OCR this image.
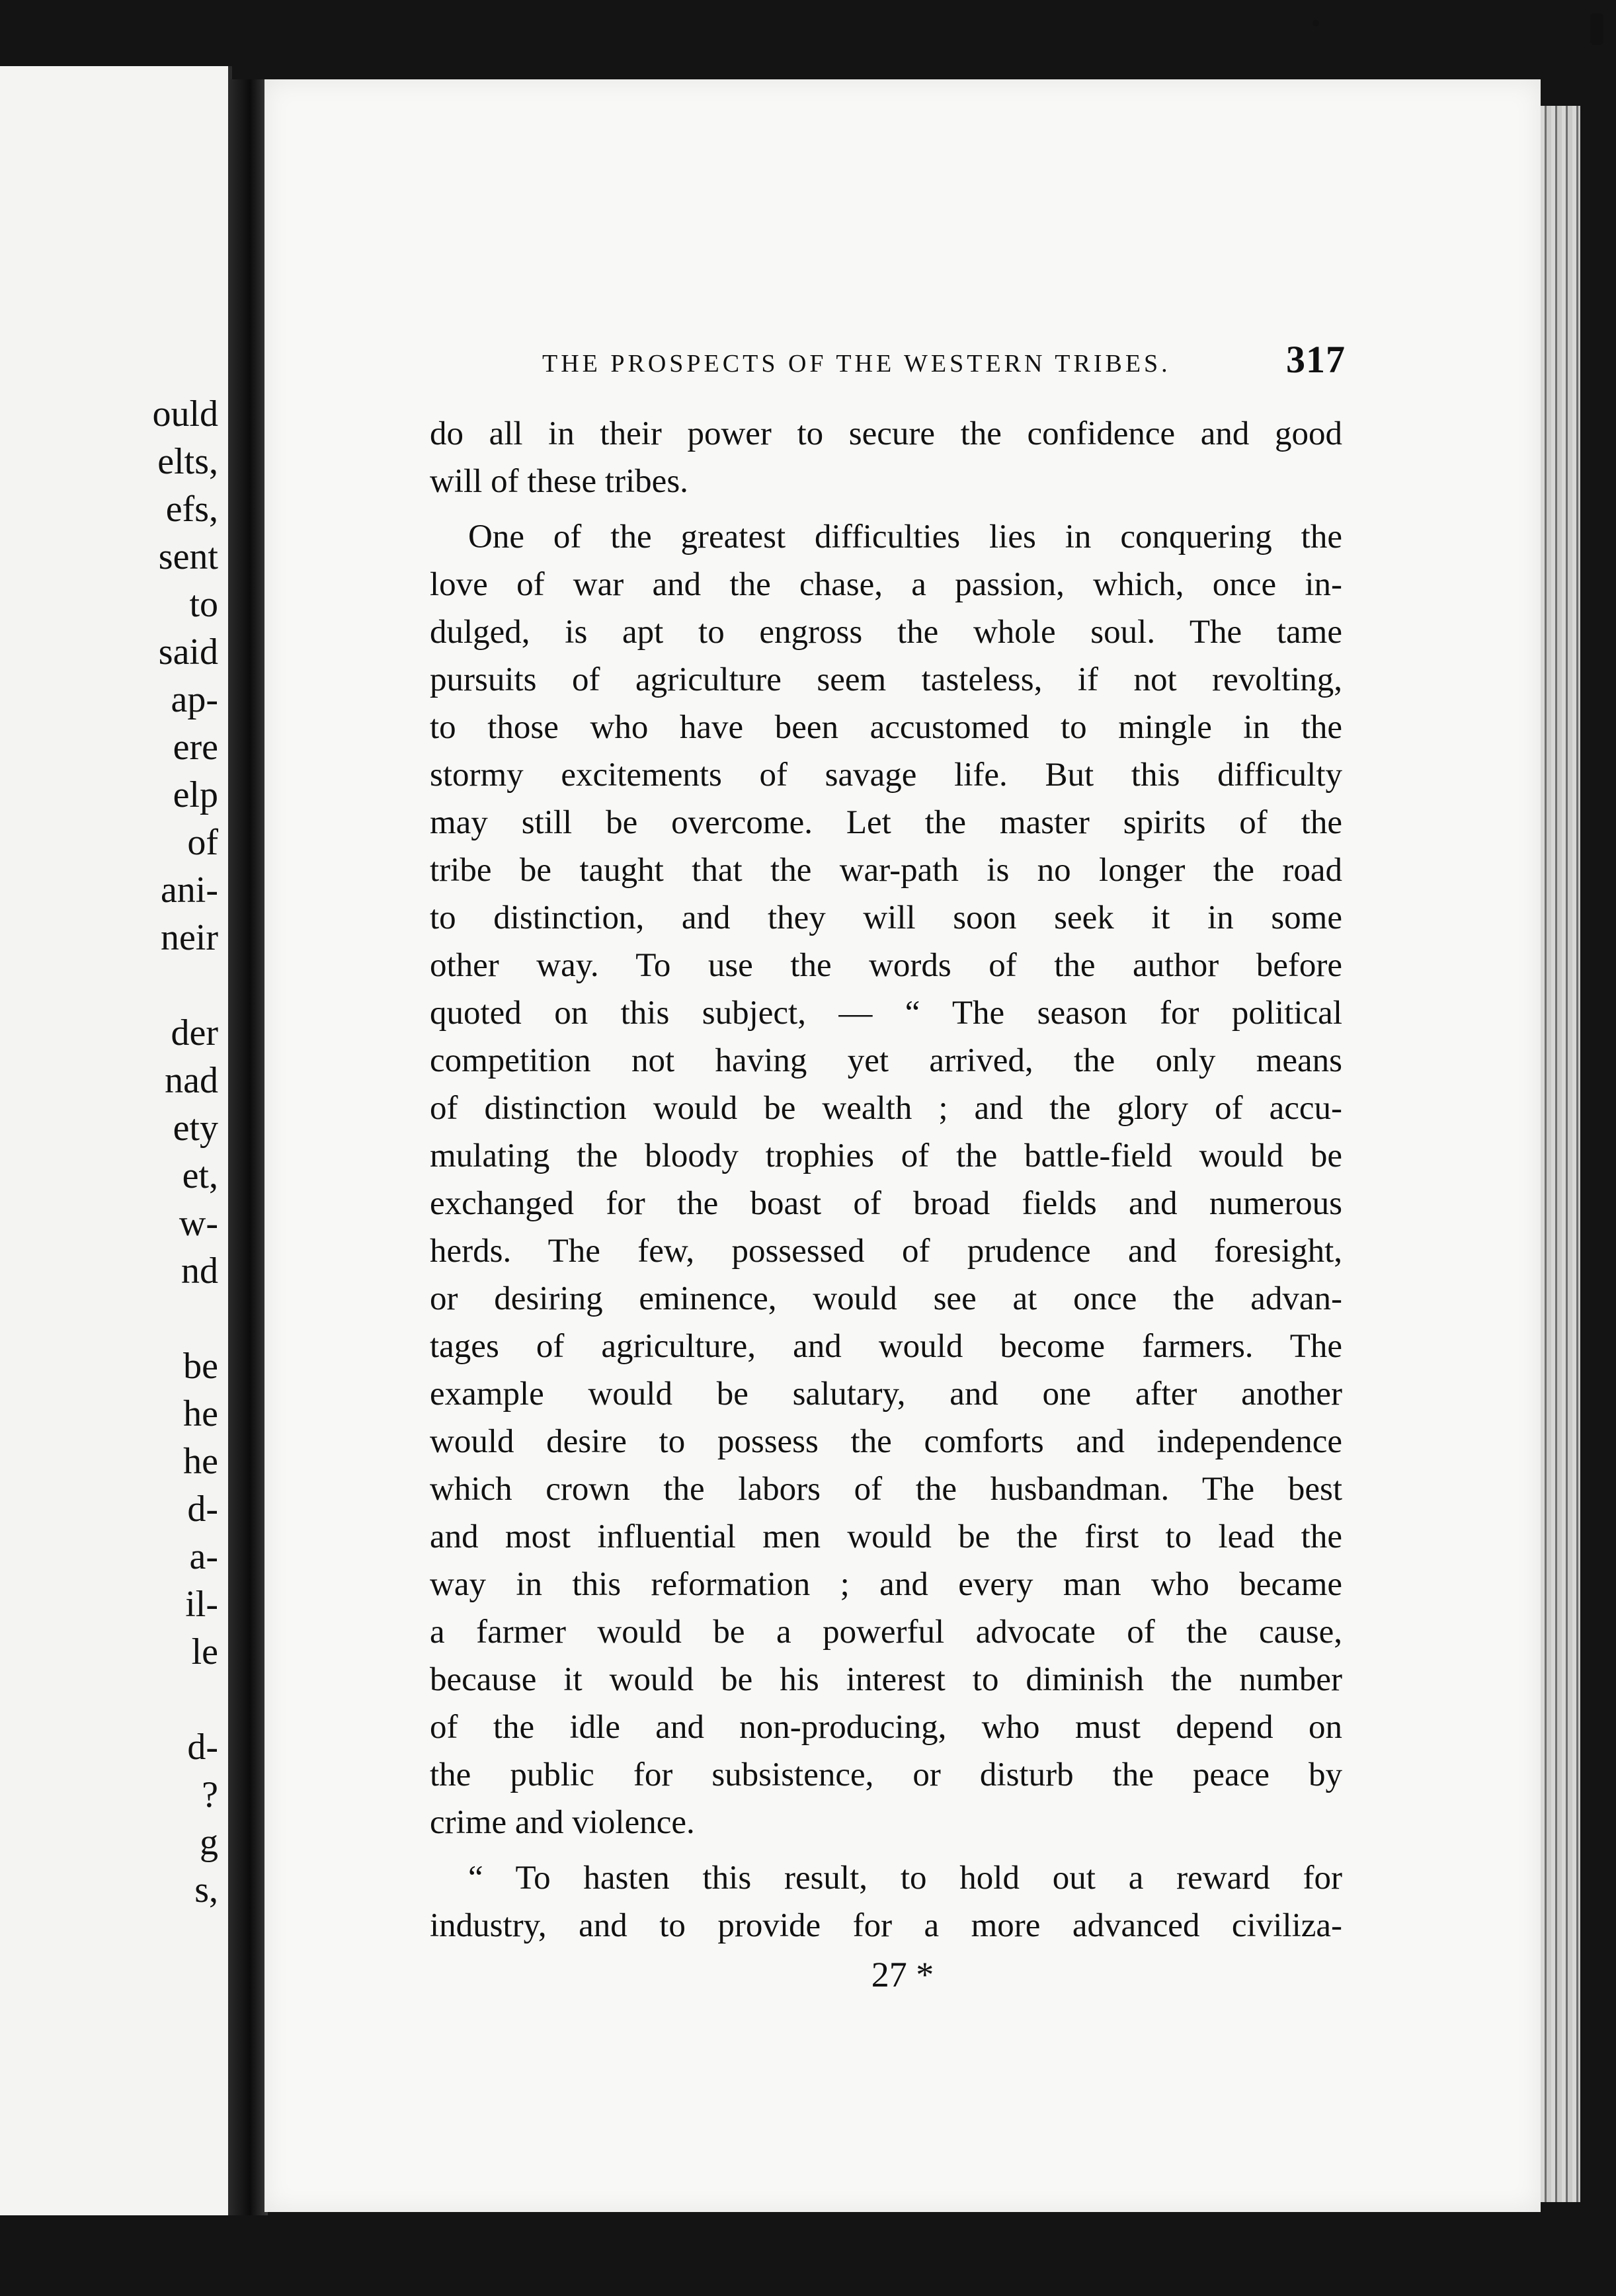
ould
elts,
efs,
sent
to
said
ap-
ere
elp
of
ani-
neir
der
nad
ety
et,
w-
nd
be
he
he
d-
a-
il-
le
d-
?
g
s,
THE PROSPECTS OF THE WESTERN TRIBES.	317
do all in their power to secure the confidence and good
will of these tribes.
One of the greatest difficulties lies in conquering the
love of war and the chase, a passion, which, once in-
dulged, is apt to engross the whole soul. The tame
pursuits of agriculture seem tasteless, if not revolting,
to those who have been accustomed to mingle in the
stormy excitements of savage life. But this difficulty
may still be overcome. Let the master spirits of the
tribe be taught that the war-path is no longer the road
to distinction, and they will soon seek it in some
other way. To use the words of the author before
quoted on this subject, — “ The season for political
competition not having yet arrived, the only means
of distinction would be wealth ; and the glory of accu-
mulating the bloody trophies of the battle-field would be
exchanged for the boast of broad fields and numerous
herds. The few, possessed of prudence and foresight,
or desiring eminence, would see at once the advan-
tages of agriculture, and would become farmers. The
example would be salutary, and one after another
would desire to possess the comforts and independence
which crown the labors of the husbandman. The best
and most influential men would be the first to lead the
way in this reformation ; and every man who became
a farmer would be a powerful advocate of the cause,
because it would be his interest to diminish the number
of the idle and non-producing, who must depend on
the public for subsistence, or disturb the peace by
crime and violence.
“ To hasten this result, to hold out a reward for
industry, and to provide for a more advanced civiliza-
27 *
